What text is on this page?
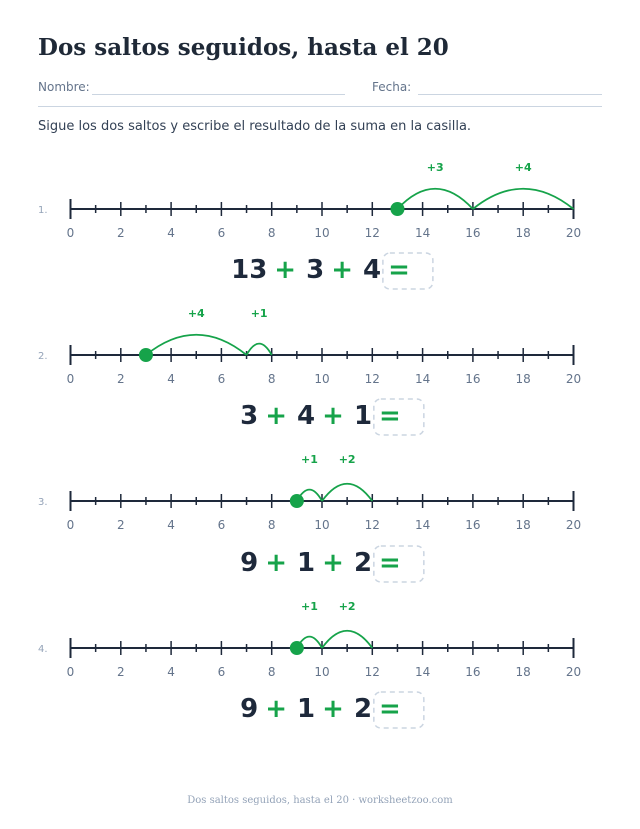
Dos saltos seguidos, hasta el 20
Nombre:	Fecha:

Sigue los dos saltos y escribe el resultado de la suma en la casilla.

1.
0	2	4	6	8	10	12	14	16	18	20
+3	+4
13 + 3 + 4 =
2.
0	2	4	6	8	10	12	14	16	18	20
+4	+1
3 + 4 + 1 =
3.
0	2	4	6	8	10	12	14	16	18	20
+1 +2
9 + 1 + 2 =
4.
0	2	4	6	8	10	12	14	16	18	20
+1 +2
9 + 1 + 2 =
Dos saltos seguidos, hasta el 20 · worksheetzoo.com
